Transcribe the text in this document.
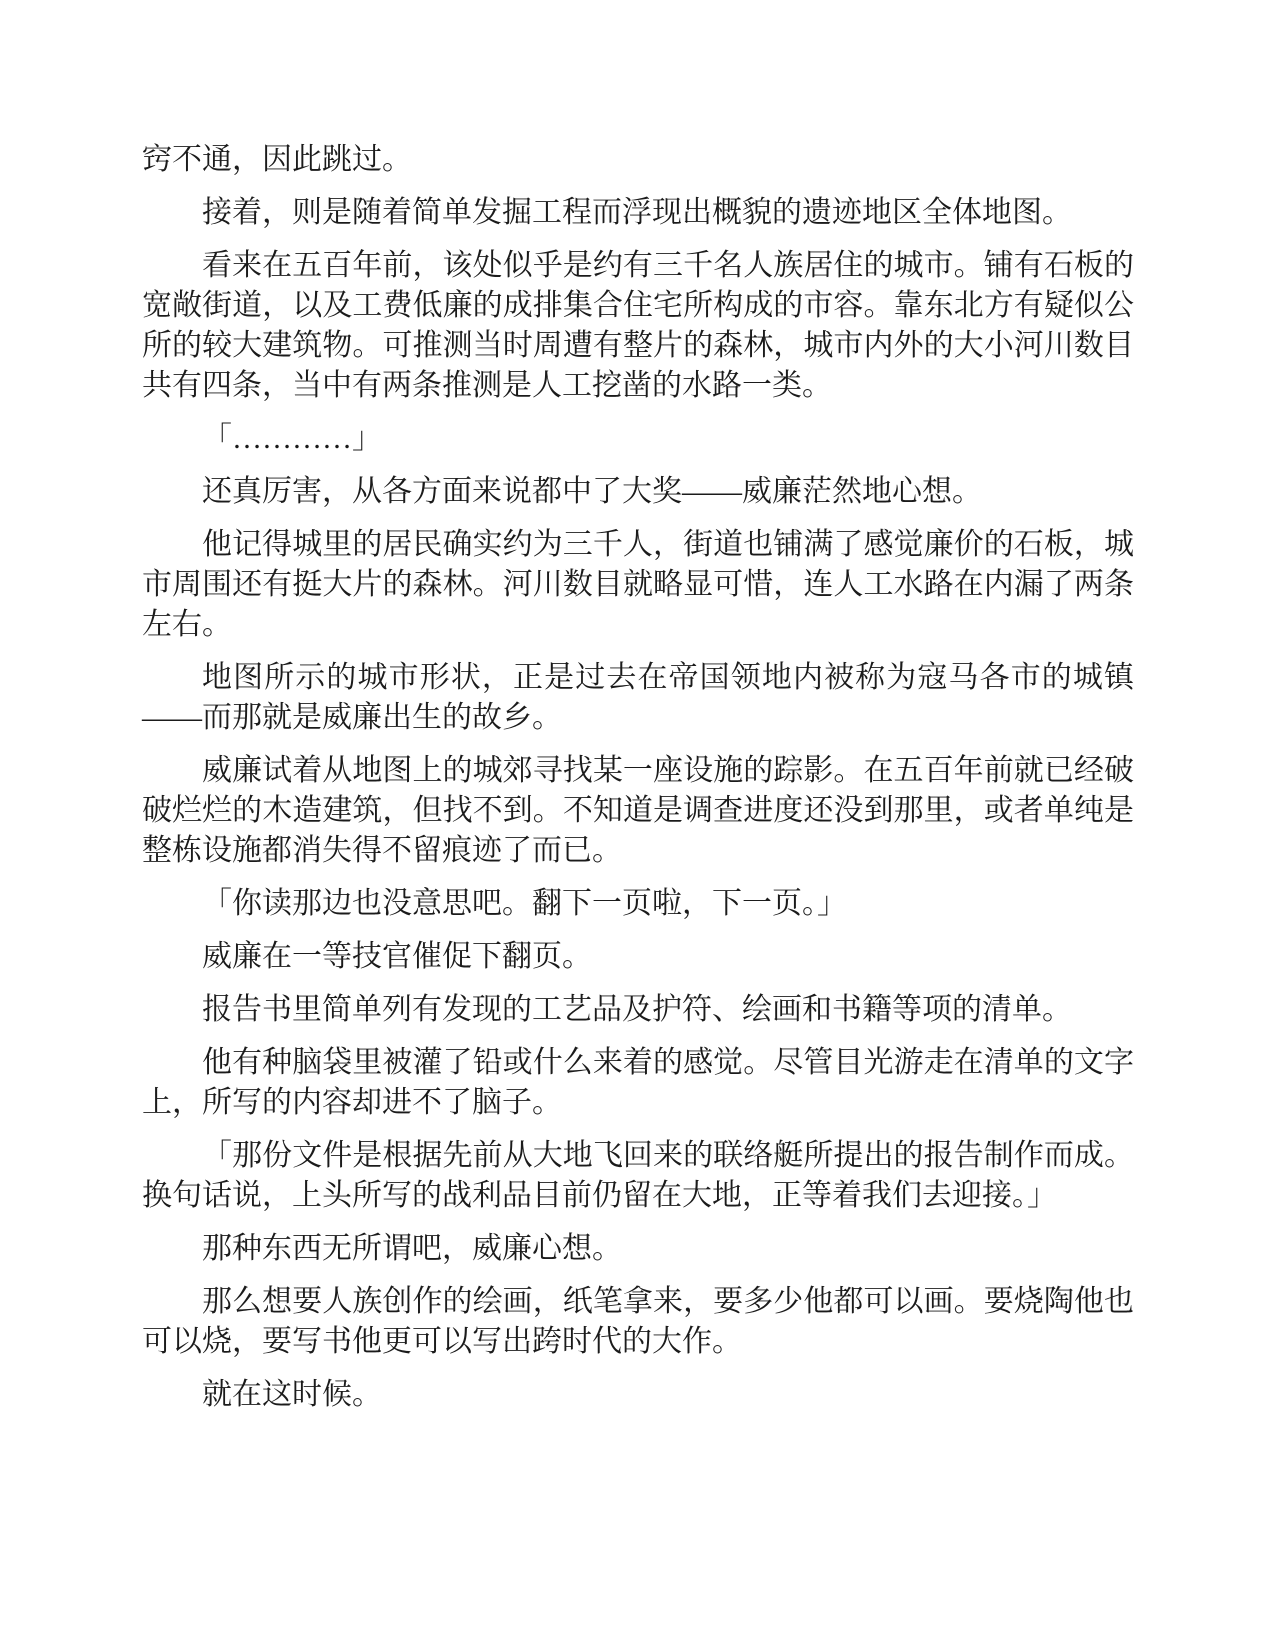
窍不通，因此跳过。

接着，则是随着简单发掘工程而浮现出概貌的遗迹地区全体地图。

看来在五百年前，该处似乎是约有三千名人族居住的城市。铺有石板的宽敞街道，以及工费低廉的成排集合住宅所构成的市容。靠东北方有疑似公所的较大建筑物。可推测当时周遭有整片的森林，城市内外的大小河川数目共有四条，当中有两条推测是人工挖凿的水路一类。

「…………」

还真厉害，从各方面来说都中了大奖——威廉茫然地心想。

他记得城里的居民确实约为三千人，街道也铺满了感觉廉价的石板，城市周围还有挺大片的森林。河川数目就略显可惜，连人工水路在内漏了两条左右。

地图所示的城市形状，正是过去在帝国领地内被称为寇马各市的城镇——而那就是威廉出生的故乡。

威廉试着从地图上的城郊寻找某一座设施的踪影。在五百年前就已经破破烂烂的木造建筑，但找不到。不知道是调查进度还没到那里，或者单纯是整栋设施都消失得不留痕迹了而已。

「你读那边也没意思吧。翻下一页啦，下一页。」

威廉在一等技官催促下翻页。

报告书里简单列有发现的工艺品及护符、绘画和书籍等项的清单。

他有种脑袋里被灌了铅或什么来着的感觉。尽管目光游走在清单的文字上，所写的内容却进不了脑子。

「那份文件是根据先前从大地飞回来的联络艇所提出的报告制作而成。换句话说，上头所写的战利品目前仍留在大地，正等着我们去迎接。」

那种东西无所谓吧，威廉心想。

那么想要人族创作的绘画，纸笔拿来，要多少他都可以画。要烧陶他也可以烧，要写书他更可以写出跨时代的大作。

就在这时候。
